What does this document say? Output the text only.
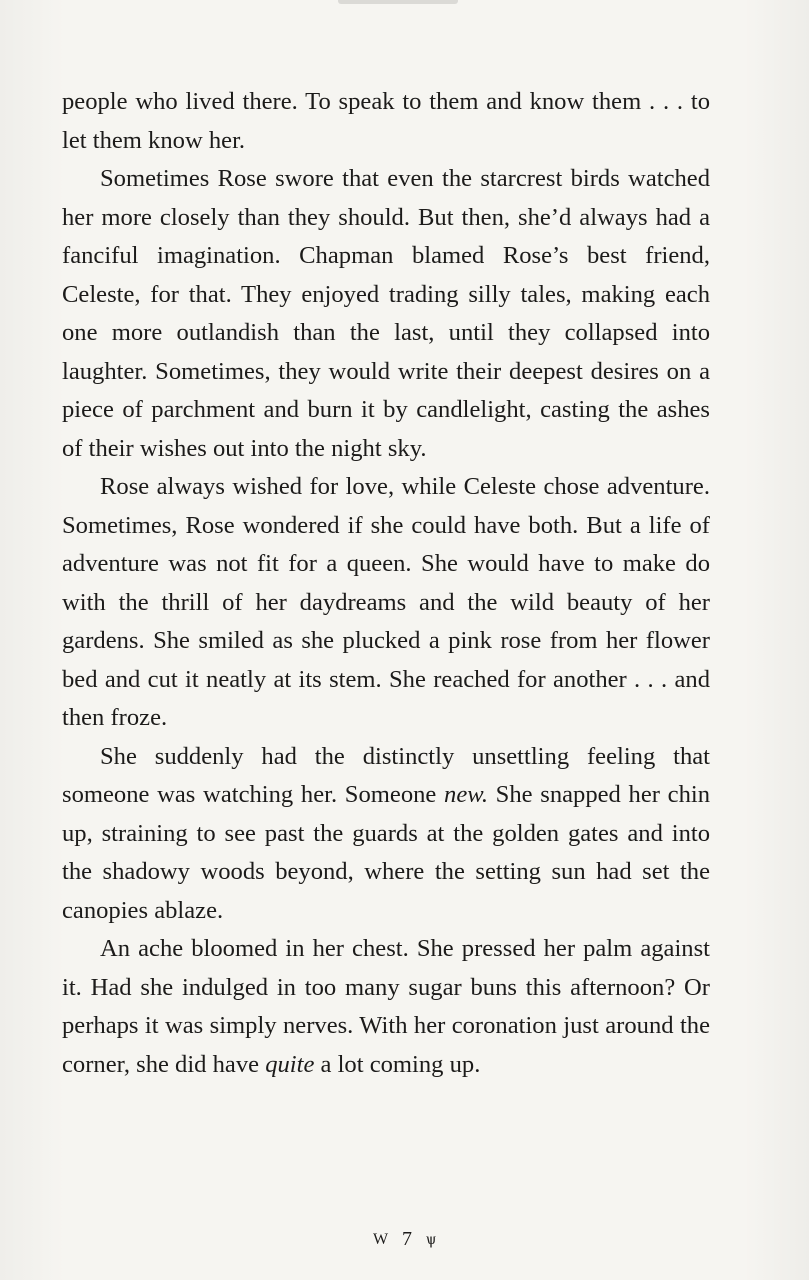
people who lived there. To speak to them and know them . . . to let them know her.

Sometimes Rose swore that even the starcrest birds watched her more closely than they should. But then, she’d always had a fanciful imagination. Chapman blamed Rose’s best friend, Celeste, for that. They enjoyed trading silly tales, making each one more outlandish than the last, until they collapsed into laughter. Sometimes, they would write their deepest desires on a piece of parchment and burn it by candlelight, casting the ashes of their wishes out into the night sky.

Rose always wished for love, while Celeste chose adventure. Sometimes, Rose wondered if she could have both. But a life of adventure was not fit for a queen. She would have to make do with the thrill of her daydreams and the wild beauty of her gardens. She smiled as she plucked a pink rose from her flower bed and cut it neatly at its stem. She reached for another . . . and then froze.

She suddenly had the distinctly unsettling feeling that someone was watching her. Someone new. She snapped her chin up, straining to see past the guards at the golden gates and into the shadowy woods beyond, where the setting sun had set the canopies ablaze.

An ache bloomed in her chest. She pressed her palm against it. Had she indulged in too many sugar buns this afternoon? Or perhaps it was simply nerves. With her coronation just around the corner, she did have quite a lot coming up.

W 7 ѱ
